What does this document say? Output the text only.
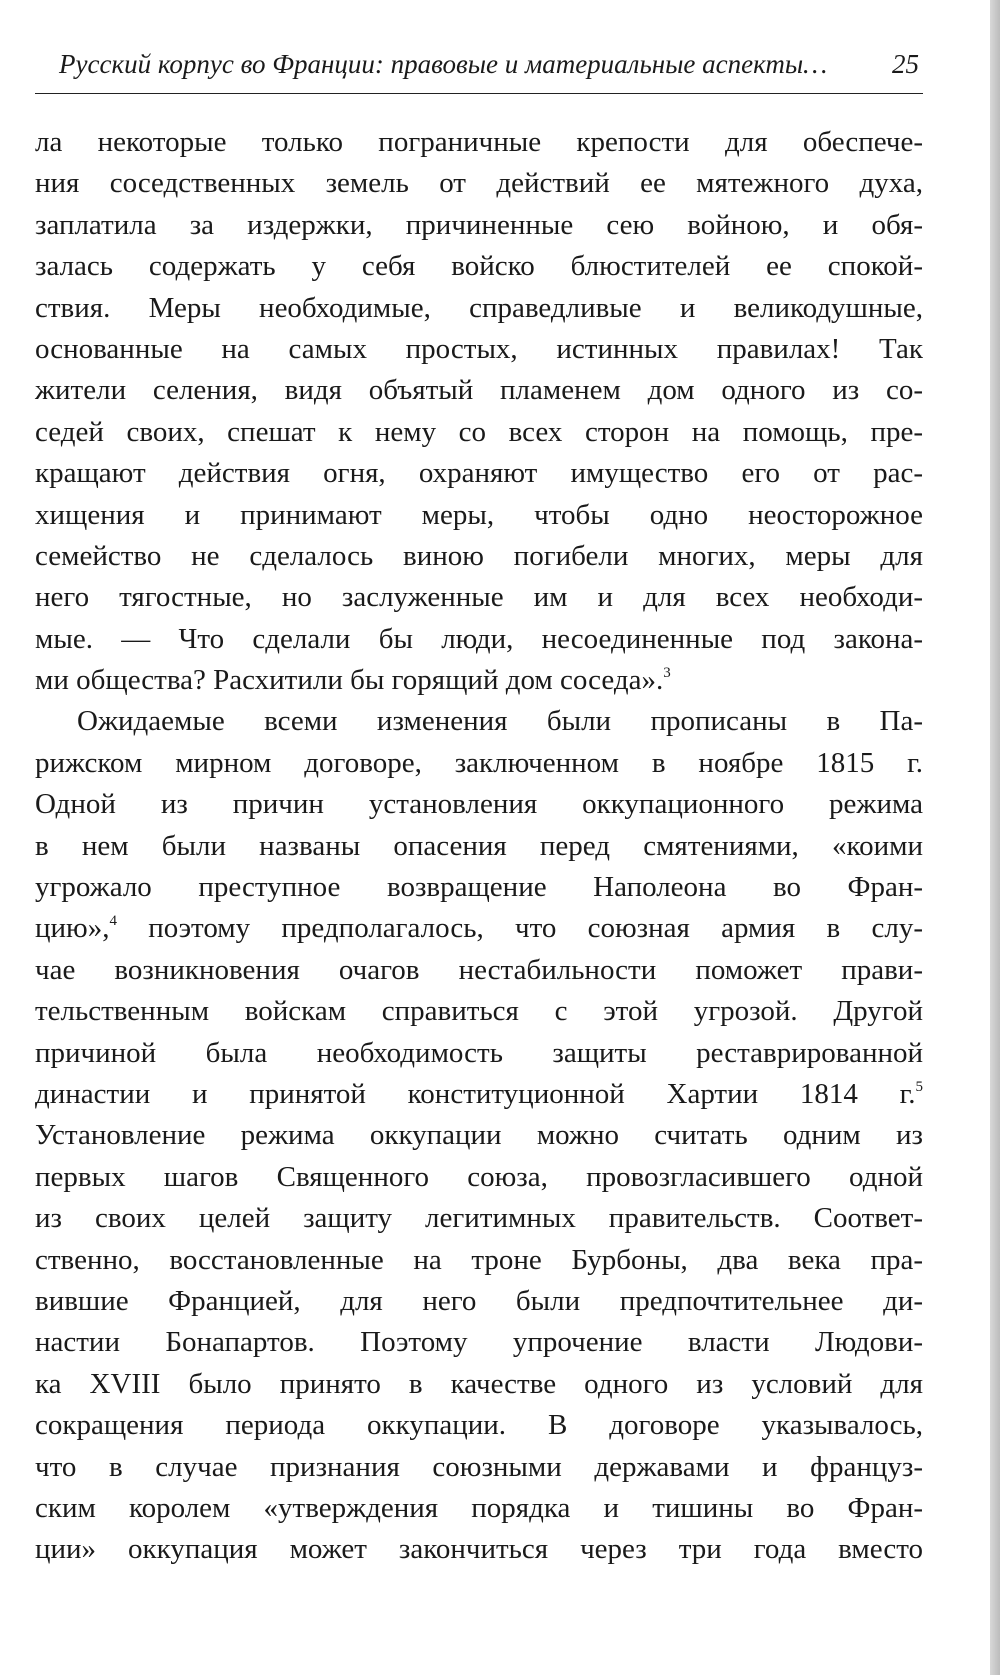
Русский корпус во Франции: правовые и материальные аспекты… 25
ла некоторые только пограничные крепости для обеспече-
ния соседственных земель от действий ее мятежного духа,
заплатила за издержки, причиненные сею войною, и обя-
залась содержать у себя войско блюстителей ее спокой-
ствия. Меры необходимые, справедливые и великодушные,
основанные на самых простых, истинных правилах! Так
жители селения, видя объятый пламенем дом одного из со-
седей своих, спешат к нему со всех сторон на помощь, пре-
кращают действия огня, охраняют имущество его от рас-
хищения и принимают меры, чтобы одно неосторожное
семейство не сделалось виною погибели многих, меры для
него тягостные, но заслуженные им и для всех необходи-
мые. — Что сделали бы люди, несоединенные под закона-
ми общества? Расхитили бы горящий дом соседа».$^3$
Ожидаемые всеми изменения были прописаны в Па-
рижском мирном договоре, заключенном в ноябре 1815 г.
Одной из причин установления оккупационного режима
в нем были названы опасения перед смятениями, «коими
угрожало преступное возвращение Наполеона во Фран-
цию»,$^4$ поэтому предполагалось, что союзная армия в слу-
чае возникновения очагов нестабильности поможет прави-
тельственным войскам справиться с этой угрозой. Другой
причиной была необходимость защиты реставрированной
династии и принятой конституционной Хартии 1814 г.$^5$
Установление режима оккупации можно считать одним из
первых шагов Священного союза, провозгласившего одной
из своих целей защиту легитимных правительств. Соответ-
ственно, восстановленные на троне Бурбоны, два века пра-
вившие Францией, для него были предпочтительнее ди-
настии Бонапартов. Поэтому упрочение власти Людови-
ка XVIII было принято в качестве одного из условий для
сокращения периода оккупации. В договоре указывалось,
что в случае признания союзными державами и француз-
ским королем «утверждения порядка и тишины во Фран-
ции» оккупация может закончиться через три года вместо
